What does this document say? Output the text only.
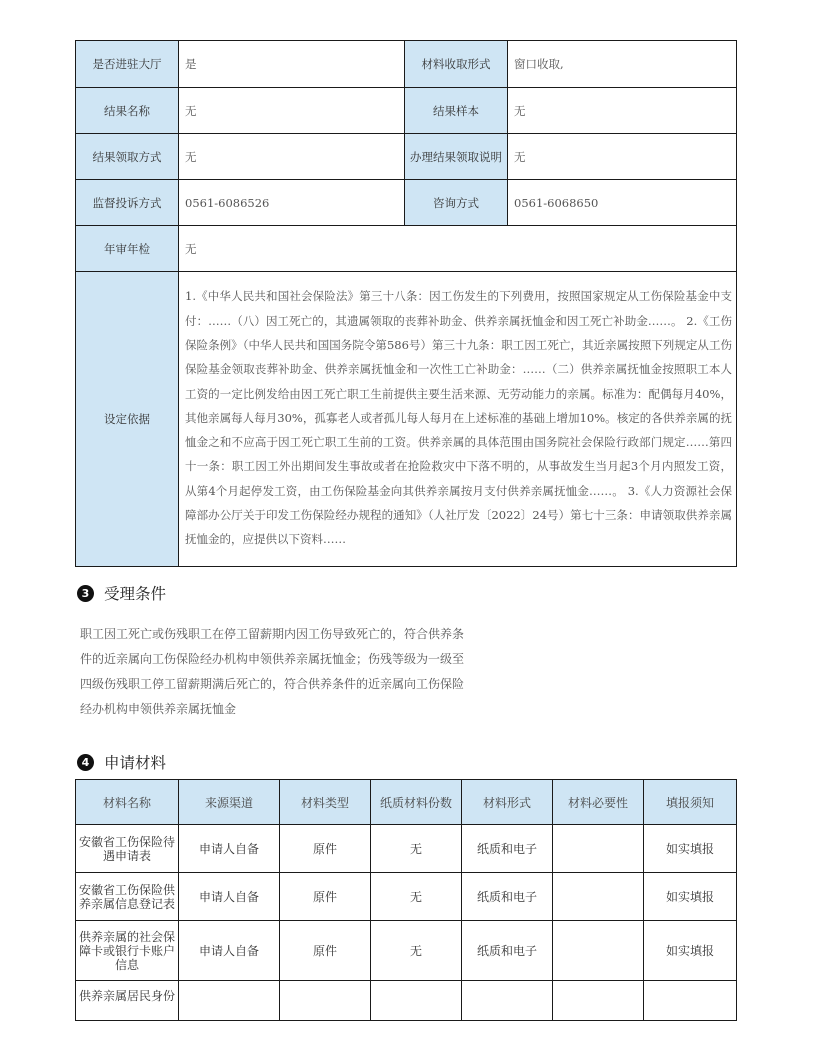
是否进驻大厅	是	材料收取形式	窗口收取,
结果名称	无	结果样本	无
结果领取方式	无	办理结果领取说明	无
监督投诉方式	0561-6086526	咨询方式	0561-6068650
年审年检	无		
设定依据	1.《中华人民共和国社会保险法》第三十八条：因工伤发生的下列费用，按照国家规定从工伤保险基金中支付：……（八）因工死亡的，其遗属领取的丧葬补助金、供养亲属抚恤金和因工死亡补助金……。 2.《工伤保险条例》（中华人民共和国国务院令第586号）第三十九条：职工因工死亡，其近亲属按照下列规定从工伤保险基金领取丧葬补助金、供养亲属抚恤金和一次性工亡补助金：……（二）供养亲属抚恤金按照职工本人工资的一定比例发给由因工死亡职工生前提供主要生活来源、无劳动能力的亲属。标准为：配偶每月40%，其他亲属每人每月30%，孤寡老人或者孤儿每人每月在上述标准的基础上增加10%。核定的各供养亲属的抚恤金之和不应高于因工死亡职工生前的工资。供养亲属的具体范围由国务院社会保险行政部门规定……第四十一条：职工因工外出期间发生事故或者在抢险救灾中下落不明的，从事故发生当月起3个月内照发工资，从第4个月起停发工资，由工伤保险基金向其供养亲属按月支付供养亲属抚恤金……。 3.《人力资源社会保障部办公厅关于印发工伤保险经办规程的通知》（人社厅发〔2022〕24号）第七十三条：申请领取供养亲属抚恤金的，应提供以下资料……		
3 受理条件
职工因工死亡或伤残职工在停工留薪期内因工伤导致死亡的，符合供养条件的近亲属向工伤保险经办机构申领供养亲属抚恤金；伤残等级为一级至四级伤残职工停工留薪期满后死亡的，符合供养条件的近亲属向工伤保险经办机构申领供养亲属抚恤金
4 申请材料
材料名称	来源渠道	材料类型	纸质材料份数	材料形式	材料必要性	填报须知
安徽省工伤保险待遇申请表	申请人自备	原件	无	纸质和电子		如实填报
安徽省工伤保险供养亲属信息登记表	申请人自备	原件	无	纸质和电子		如实填报
供养亲属的社会保障卡或银行卡账户信息	申请人自备	原件	无	纸质和电子		如实填报
供养亲属居民身份						
